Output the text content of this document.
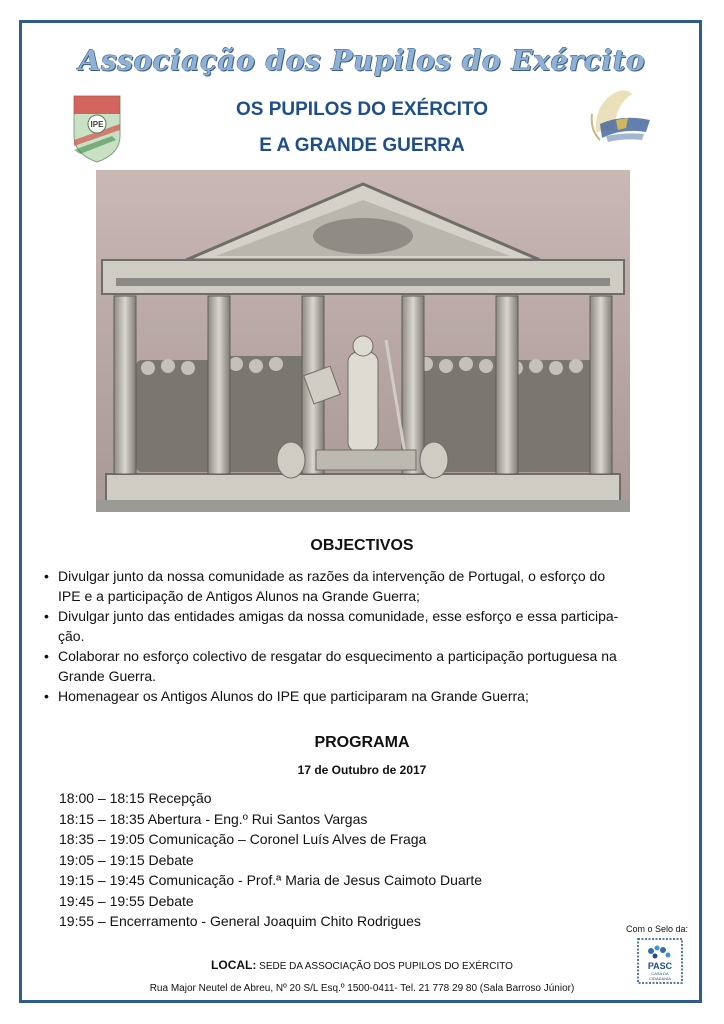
Associação dos Pupilos do Exército
IPE
OS PUPILOS DO EXÉRCITO
E A GRANDE GUERRA
OBJECTIVOS
• Divulgar junto da nossa comunidade as razões da intervenção de Portugal, o esforço do
IPE e a participação de Antigos Alunos na Grande Guerra;
• Divulgar junto das entidades amigas da nossa comunidade, esse esforço e essa participa-
ção.
• Colaborar no esforço colectivo de resgatar do esquecimento a participação portuguesa na
Grande Guerra.
• Homenagear os Antigos Alunos do IPE que participaram na Grande Guerra;
PROGRAMA
17 de Outubro de 2017
18:00 – 18:15 Recepção
18:15 – 18:35 Abertura - Eng.º Rui Santos Vargas
18:35 – 19:05 Comunicação – Coronel Luís Alves de Fraga
19:05 – 19:15 Debate
19:15 – 19:45 Comunicação - Prof.ª Maria de Jesus Caimoto Duarte
19:45 – 19:55 Debate
19:55 – Encerramento - General Joaquim Chito Rodrigues	Com o Selo da:
PASC
CASA DA
CIDADANIA
LOCAL: SEDE DA ASSOCIAÇÃO DOS PUPILOS DO EXÉRCITO
Rua Major Neutel de Abreu, Nº 20 S/L Esq.º 1500-0411- Tel. 21 778 29 80 (Sala Barroso Júnior)
